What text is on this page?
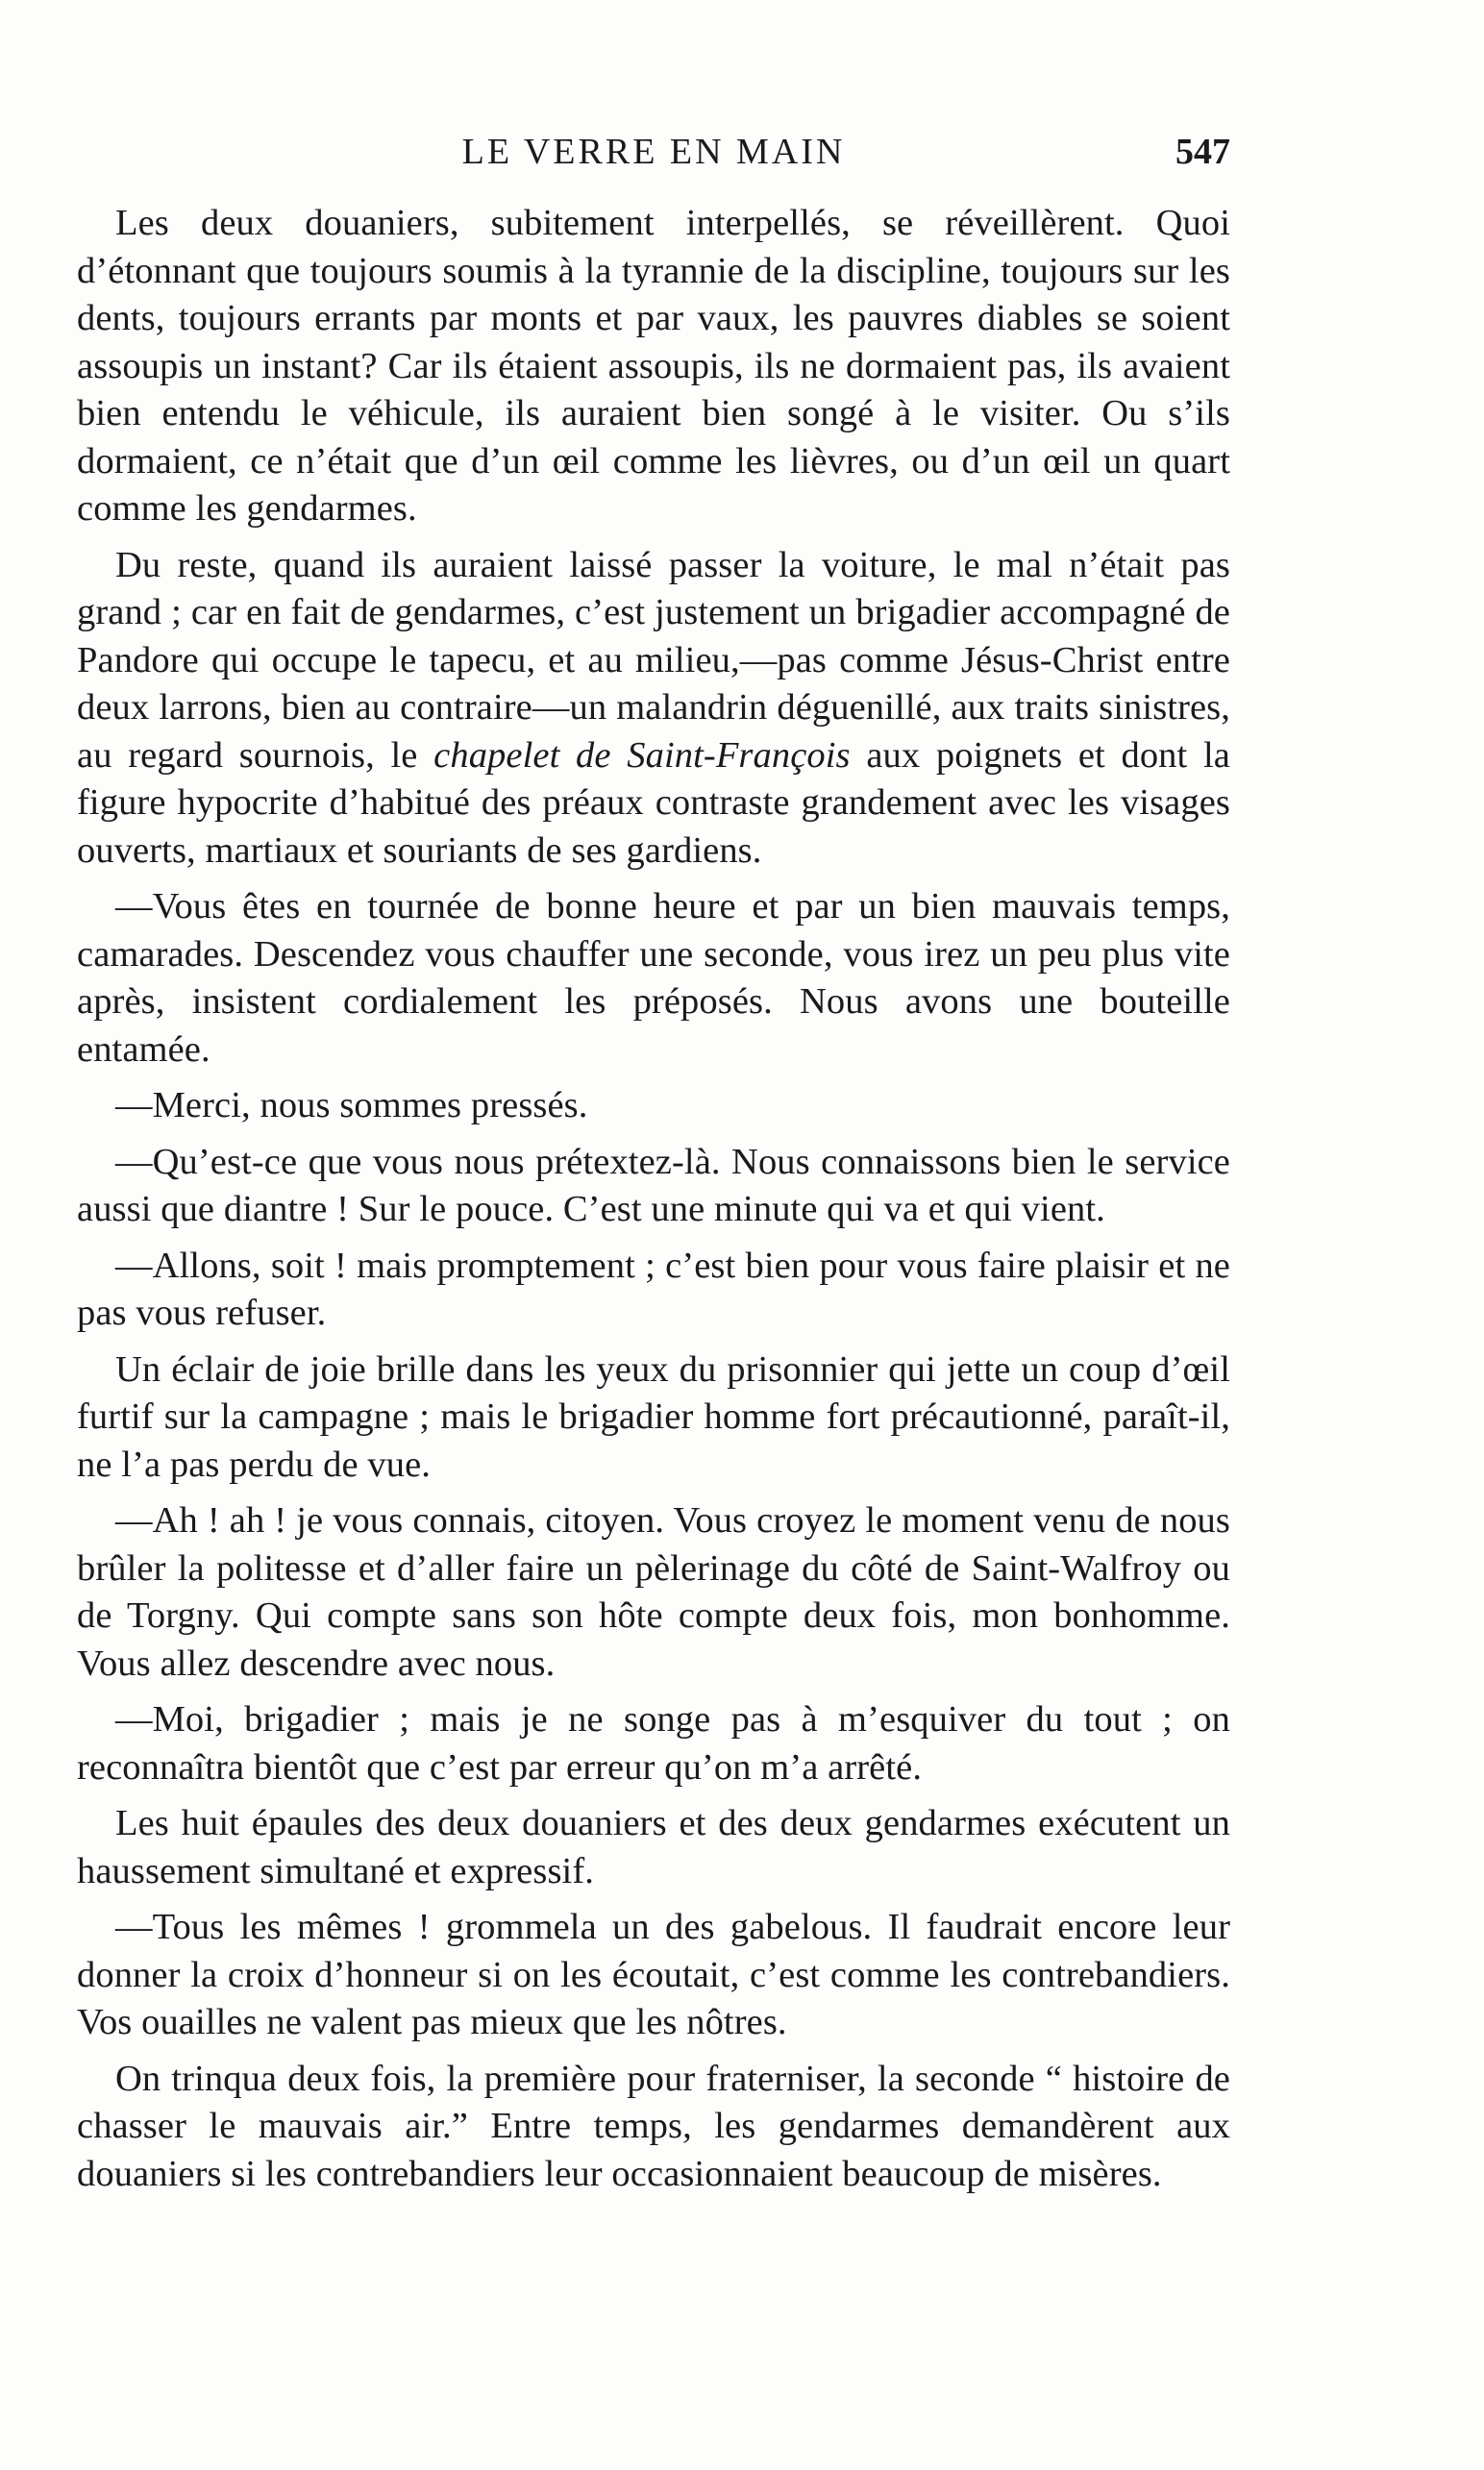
LE VERRE EN MAIN	547

Les deux douaniers, subitement interpellés, se réveillèrent. Quoi d’étonnant que toujours soumis à la tyrannie de la discipline, toujours sur les dents, toujours errants par monts et par vaux, les pauvres diables se soient assoupis un instant? Car ils étaient assoupis, ils ne dormaient pas, ils avaient bien entendu le véhicule, ils auraient bien songé à le visiter. Ou s’ils dormaient, ce n’était que d’un œil comme les lièvres, ou d’un œil un quart comme les gendarmes.

Du reste, quand ils auraient laissé passer la voiture, le mal n’était pas grand ; car en fait de gendarmes, c’est justement un brigadier accompagné de Pandore qui occupe le tapecu, et au milieu,—pas comme Jésus-Christ entre deux larrons, bien au contraire—un malandrin déguenillé, aux traits sinistres, au regard sournois, le chapelet de Saint-François aux poignets et dont la figure hypocrite d’habitué des préaux contraste grandement avec les visages ouverts, martiaux et souriants de ses gardiens.

—Vous êtes en tournée de bonne heure et par un bien mauvais temps, camarades. Descendez vous chauffer une seconde, vous irez un peu plus vite après, insistent cordialement les préposés. Nous avons une bouteille entamée.

—Merci, nous sommes pressés.

—Qu’est-ce que vous nous prétextez-là. Nous connaissons bien le service aussi que diantre ! Sur le pouce. C’est une minute qui va et qui vient.

—Allons, soit ! mais promptement ; c’est bien pour vous faire plaisir et ne pas vous refuser.

Un éclair de joie brille dans les yeux du prisonnier qui jette un coup d’œil furtif sur la campagne ; mais le brigadier homme fort précautionné, paraît-il, ne l’a pas perdu de vue.

—Ah ! ah ! je vous connais, citoyen. Vous croyez le moment venu de nous brûler la politesse et d’aller faire un pèlerinage du côté de Saint-Walfroy ou de Torgny. Qui compte sans son hôte compte deux fois, mon bonhomme. Vous allez descendre avec nous.

—Moi, brigadier ; mais je ne songe pas à m’esquiver du tout ; on reconnaîtra bientôt que c’est par erreur qu’on m’a arrêté.

Les huit épaules des deux douaniers et des deux gendarmes exécutent un haussement simultané et expressif.

—Tous les mêmes ! grommela un des gabelous. Il faudrait encore leur donner la croix d’honneur si on les écoutait, c’est comme les contrebandiers. Vos ouailles ne valent pas mieux que les nôtres.

On trinqua deux fois, la première pour fraterniser, la seconde “ histoire de chasser le mauvais air.” Entre temps, les gendarmes demandèrent aux douaniers si les contrebandiers leur occasionnaient beaucoup de misères.
